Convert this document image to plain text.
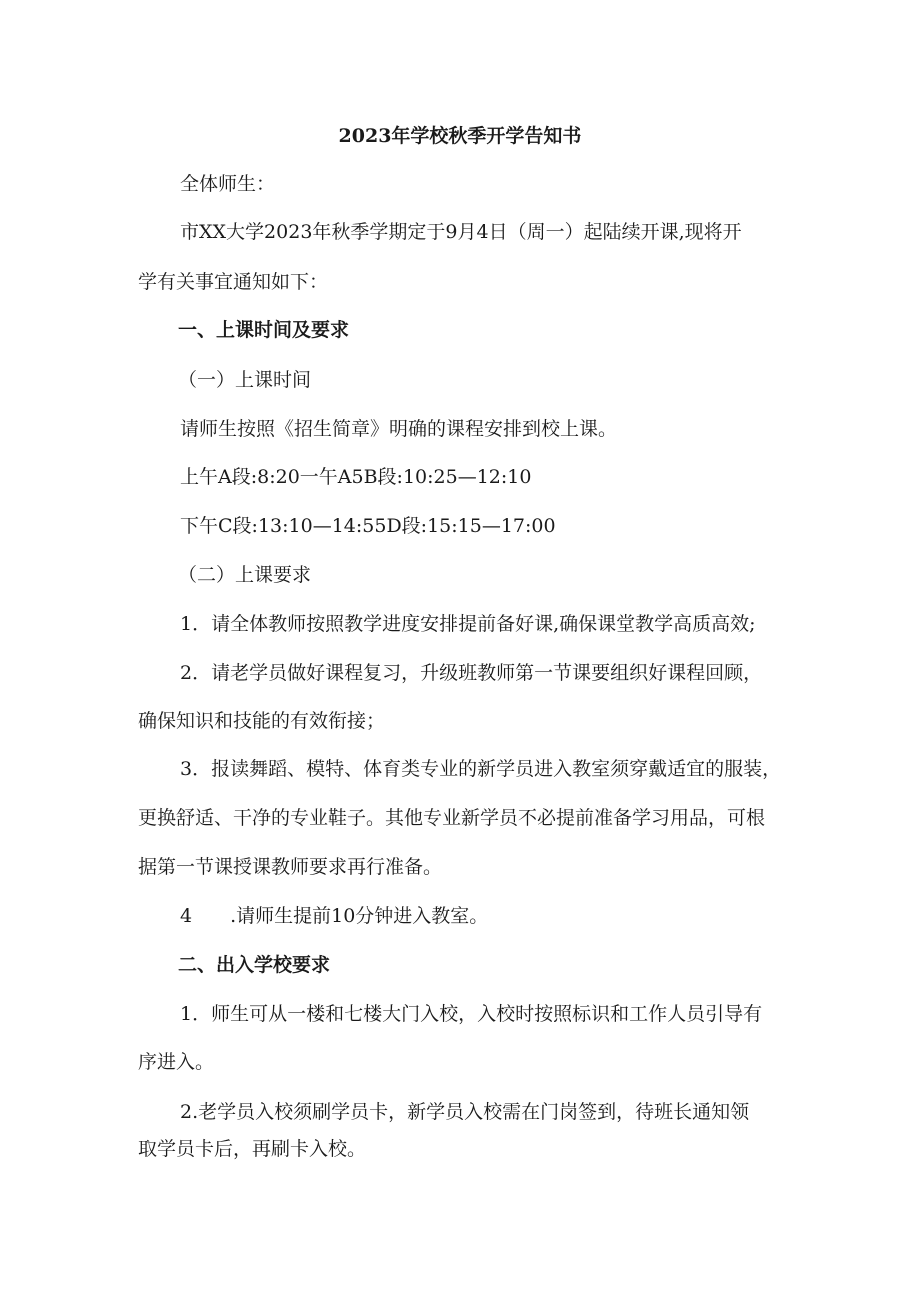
2023年学校秋季开学告知书
全体师生：
市XX大学2023年秋季学期定于9月4日（周一）起陆续开课,现将开
学有关事宜通知如下：
一、上课时间及要求
（一）上课时间
请师生按照《招生简章》明确的课程安排到校上课。
上午A段:8:20一午A5B段:10:25—12:10
下午C段:13:10—14:55D段:15:15—17:00
（二）上课要求
1．请全体教师按照教学进度安排提前备好课,确保课堂教学高质高效;
2．请老学员做好课程复习，升级班教师第一节课要组织好课程回顾，
确保知识和技能的有效衔接；
3．报读舞蹈、模特、体育类专业的新学员进入教室须穿戴适宜的服装，
更换舒适、干净的专业鞋子。其他专业新学员不必提前准备学习用品，可根
据第一节课授课教师要求再行准备。
4　　.请师生提前10分钟进入教室。
二、出入学校要求
1．师生可从一楼和七楼大门入校，入校时按照标识和工作人员引导有
序进入。
2.老学员入校须刷学员卡，新学员入校需在门岗签到，待班长通知领
取学员卡后，再刷卡入校。
